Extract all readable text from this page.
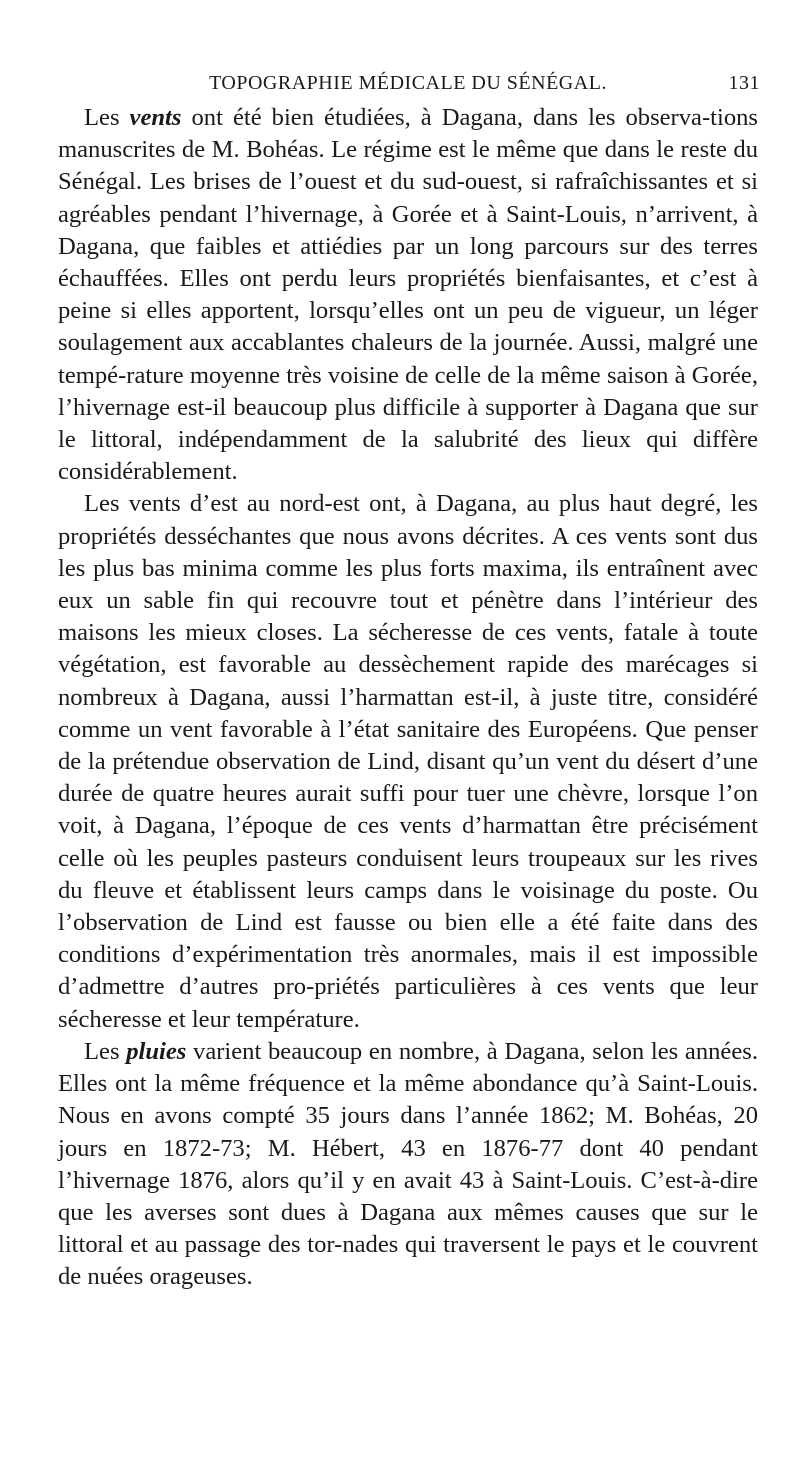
TOPOGRAPHIE MÉDICALE DU SÉNÉGAL.	131

Les vents ont été bien étudiées, à Dagana, dans les observa-tions manuscrites de M. Bohéas. Le régime est le même que dans le reste du Sénégal. Les brises de l’ouest et du sud-ouest, si rafraîchissantes et si agréables pendant l’hivernage, à Gorée et à Saint-Louis, n’arrivent, à Dagana, que faibles et attiédies par un long parcours sur des terres échauffées. Elles ont perdu leurs propriétés bienfaisantes, et c’est à peine si elles apportent, lorsqu’elles ont un peu de vigueur, un léger soulagement aux accablantes chaleurs de la journée. Aussi, malgré une tempé-rature moyenne très voisine de celle de la même saison à Gorée, l’hivernage est-il beaucoup plus difficile à supporter à Dagana que sur le littoral, indépendamment de la salubrité des lieux qui diffère considérablement.

Les vents d’est au nord-est ont, à Dagana, au plus haut degré, les propriétés desséchantes que nous avons décrites. A ces vents sont dus les plus bas minima comme les plus forts maxima, ils entraînent avec eux un sable fin qui recouvre tout et pénètre dans l’intérieur des maisons les mieux closes. La sécheresse de ces vents, fatale à toute végétation, est favorable au dessèchement rapide des marécages si nombreux à Dagana, aussi l’harmattan est-il, à juste titre, considéré comme un vent favorable à l’état sanitaire des Européens. Que penser de la prétendue observation de Lind, disant qu’un vent du désert d’une durée de quatre heures aurait suffi pour tuer une chèvre, lorsque l’on voit, à Dagana, l’époque de ces vents d’harmattan être précisément celle où les peuples pasteurs conduisent leurs troupeaux sur les rives du fleuve et établissent leurs camps dans le voisinage du poste. Ou l’observation de Lind est fausse ou bien elle a été faite dans des conditions d’expérimentation très anormales, mais il est impossible d’admettre d’autres pro-priétés particulières à ces vents que leur sécheresse et leur température.

Les pluies varient beaucoup en nombre, à Dagana, selon les années. Elles ont la même fréquence et la même abondance qu’à Saint-Louis. Nous en avons compté 35 jours dans l’année 1862; M. Bohéas, 20 jours en 1872-73; M. Hébert, 43 en 1876-77 dont 40 pendant l’hivernage 1876, alors qu’il y en avait 43 à Saint-Louis. C’est-à-dire que les averses sont dues à Dagana aux mêmes causes que sur le littoral et au passage des tor-nades qui traversent le pays et le couvrent de nuées orageuses.
